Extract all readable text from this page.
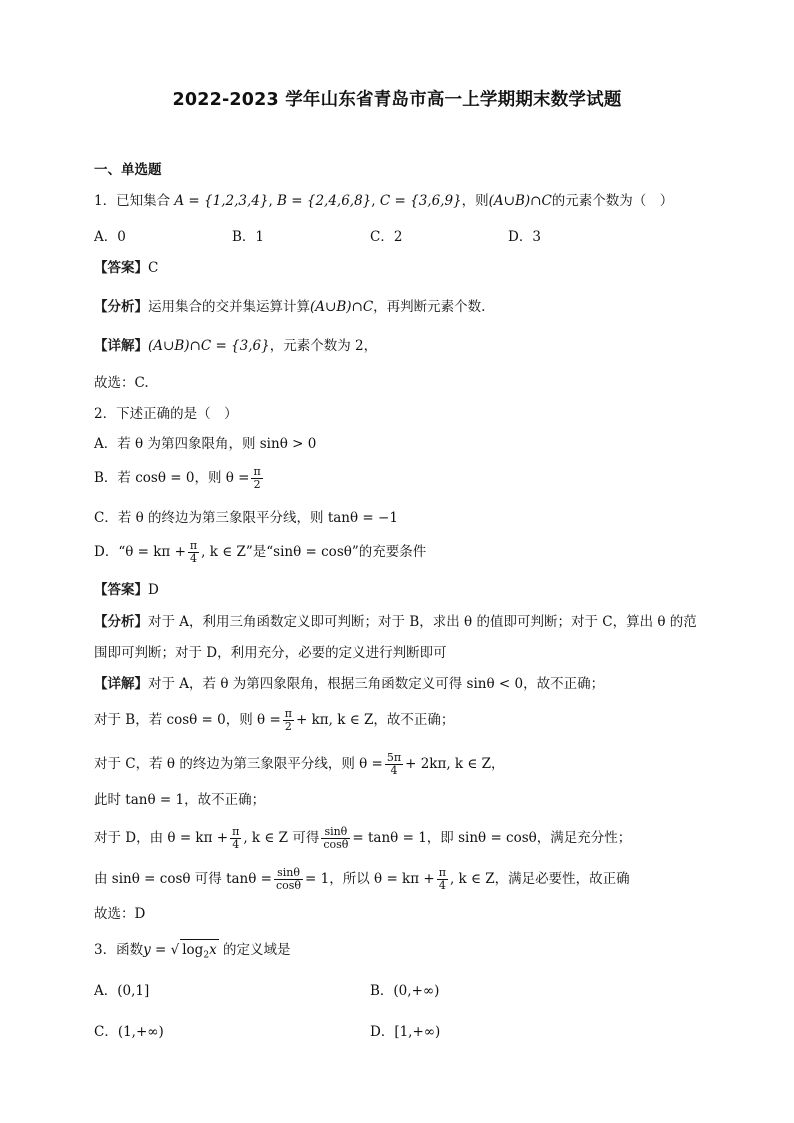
2022-2023 学年山东省青岛市高一上学期期末数学试题
一、单选题
1．已知集合 A = {1,2,3,4}, B = {2,4,6,8}, C = {3,6,9}，则(A∪B)∩C的元素个数为（　）
A．0	B．1	C．2	D．3
【答案】C
【分析】运用集合的交并集运算计算(A∪B)∩C，再判断元素个数.
【详解】(A∪B)∩C = {3,6}，元素个数为 2，
故选：C.
2．下述正确的是（　）
A．若 θ 为第四象限角，则 sinθ > 0
B．若 cosθ = 0，则 $\theta = \frac{\pi}{2}$
C．若 θ 的终边为第三象限平分线，则 tanθ = −1
D．“$\theta = k\pi + \frac{\pi}{4}$ , k ∈ Z”是“sinθ = cosθ”的充要条件
【答案】D
【分析】对于 A，利用三角函数定义即可判断；对于 B，求出 θ 的值即可判断；对于 C，算出 θ 的范
围即可判断；对于 D，利用充分，必要的定义进行判断即可
【详解】对于 A，若 θ 为第四象限角，根据三角函数定义可得 sinθ < 0，故不正确；
对于 B，若 cosθ = 0，则 $\theta = \frac{\pi}{2} + k\pi$, k ∈ Z，故不正确；
对于 C，若 θ 的终边为第三象限平分线，则 $\theta = \frac{5\pi}{4} + 2k\pi$, k ∈ Z，
此时 tanθ = 1，故不正确；
对于 D，由 $\theta = k\pi + \frac{\pi}{4}$ , k ∈ Z 可得 $\frac{\sin\theta}{\cos\theta} = \tan\theta = 1$，即 sinθ = cosθ，满足充分性；
由 sinθ = cosθ 可得 $\tan\theta = \frac{\sin\theta}{\cos\theta} = 1$，所以 $\theta = k\pi + \frac{\pi}{4}$ , k ∈ Z，满足必要性，故正确
故选：D
3．函数y = √ $\log_2x$ 的定义域是
A．(0,1]	B．(0,+∞)
C．(1,+∞)	D．[1,+∞)
